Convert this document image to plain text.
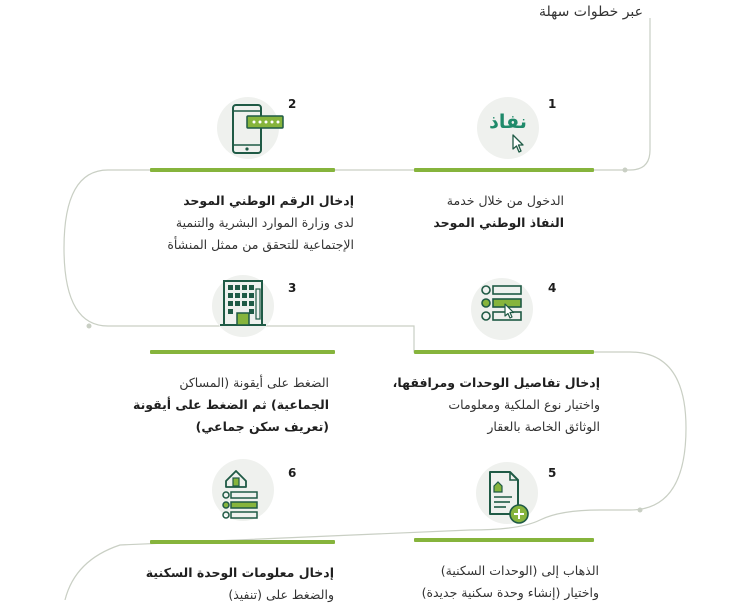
عبر خطوات سهلة
1
نفاذ
الدخول من خلال خدمة
النفاذ الوطني الموحد
2
إدخال الرقم الوطني الموحد
لدى وزارة الموارد البشرية والتنمية
الإجتماعية للتحقق من ممثل المنشأة
3
الضغط على أيقونة (المساكن
الجماعية) ثم الضغط على أيقونة
(تعريف سكن جماعي)
4
إدخال تفاصيل الوحدات ومرافقها،
واختيار نوع الملكية ومعلومات
الوثائق الخاصة بالعقار
5
الذهاب إلى (الوحدات السكنية)
واختيار (إنشاء وحدة سكنية جديدة)
6
إدخال معلومات الوحدة السكنية
والضغط على (تنفيذ)
